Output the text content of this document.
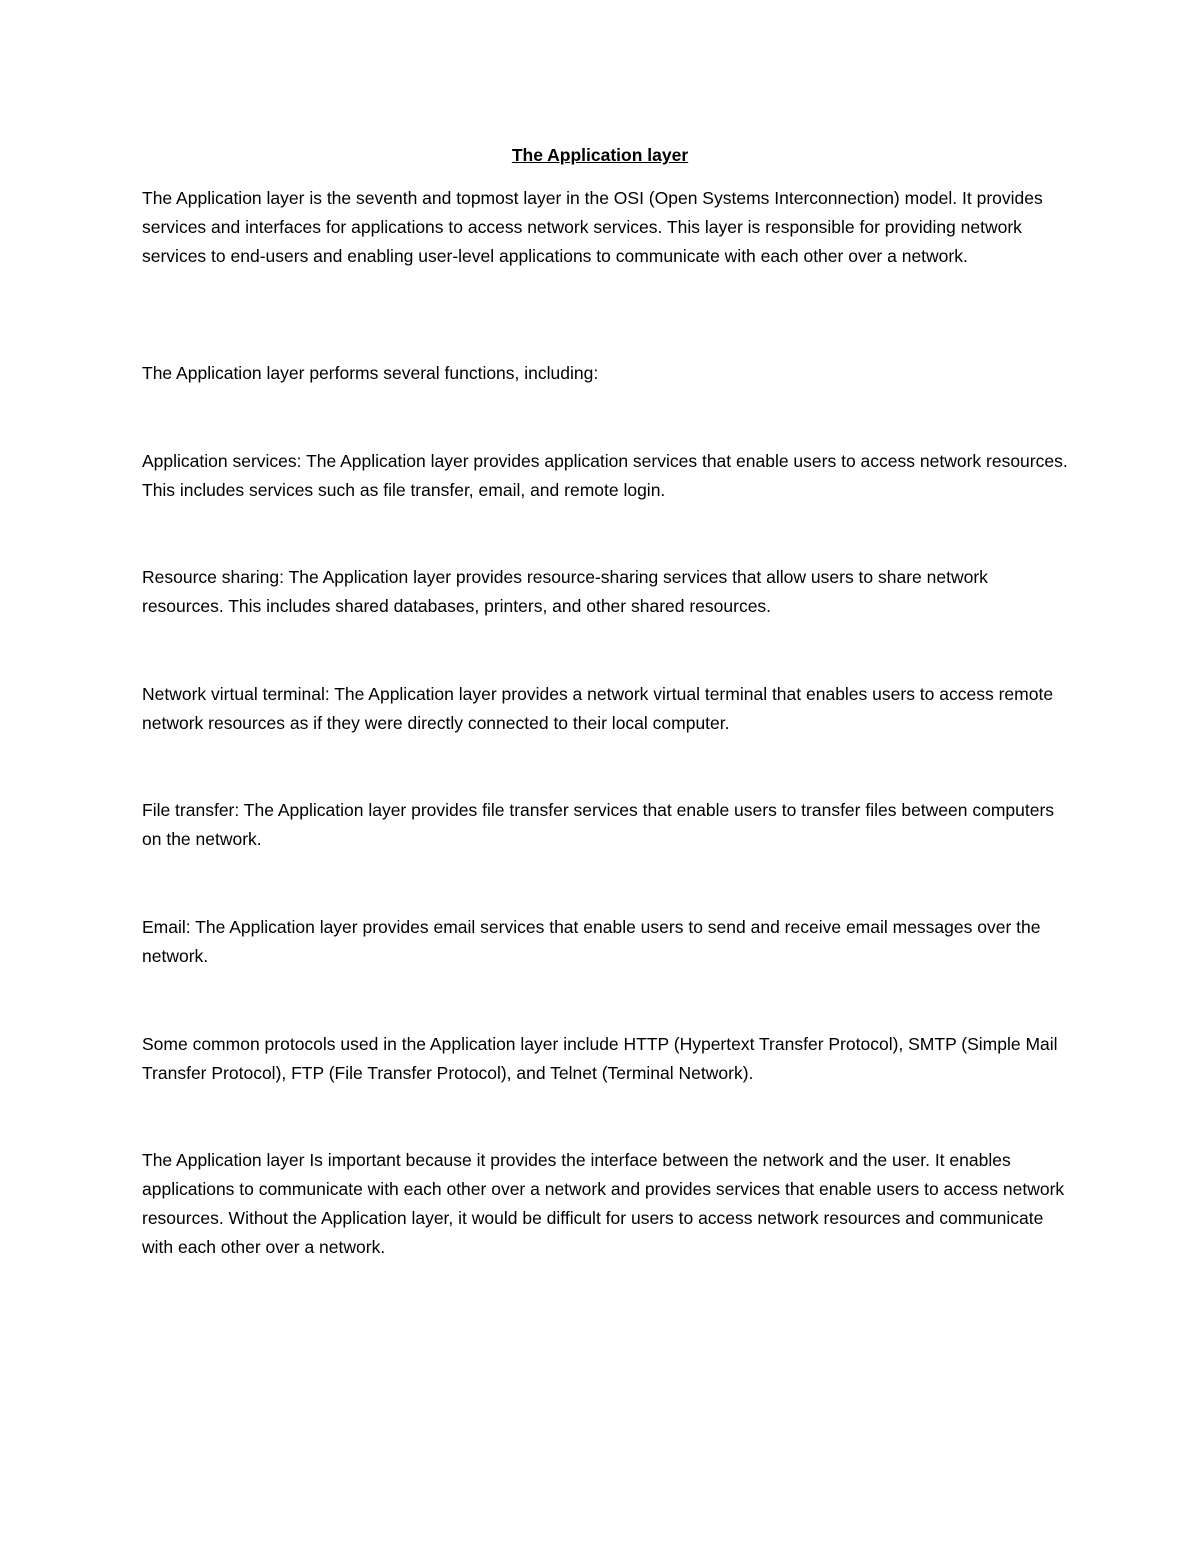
The Application layer

The Application layer is the seventh and topmost layer in the OSI (Open Systems Interconnection) model. It provides services and interfaces for applications to access network services. This layer is responsible for providing network services to end-users and enabling user-level applications to communicate with each other over a network.

The Application layer performs several functions, including:

Application services: The Application layer provides application services that enable users to access network resources. This includes services such as file transfer, email, and remote login.

Resource sharing: The Application layer provides resource-sharing services that allow users to share network resources. This includes shared databases, printers, and other shared resources.

Network virtual terminal: The Application layer provides a network virtual terminal that enables users to access remote network resources as if they were directly connected to their local computer.

File transfer: The Application layer provides file transfer services that enable users to transfer files between computers on the network.

Email: The Application layer provides email services that enable users to send and receive email messages over the network.

Some common protocols used in the Application layer include HTTP (Hypertext Transfer Protocol), SMTP (Simple Mail Transfer Protocol), FTP (File Transfer Protocol), and Telnet (Terminal Network).

The Application layer Is important because it provides the interface between the network and the user. It enables applications to communicate with each other over a network and provides services that enable users to access network resources. Without the Application layer, it would be difficult for users to access network resources and communicate with each other over a network.
